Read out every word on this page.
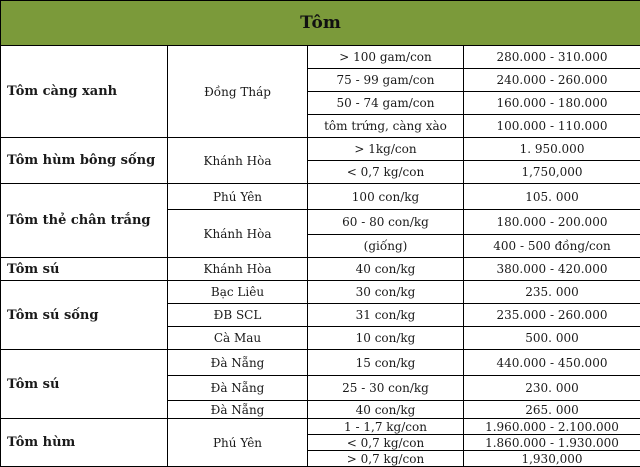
Tôm			
Tôm càng xanh	Đồng Tháp	> 100 gam/con	280.000 - 310.000
		75 - 99 gam/con	240.000 - 260.000
		50 - 74 gam/con	160.000 - 180.000
		tôm trứng, càng xào	100.000 - 110.000
Tôm hùm bông sống	Khánh Hòa	> 1kg/con	1. 950.000
		< 0,7 kg/con	1,750,000
Tôm thẻ chân trắng	Phú Yên	100 con/kg	105. 000
	Khánh Hòa	60 - 80 con/kg	180.000 - 200.000
		(giống)	400 - 500 đồng/con
Tôm sú	Khánh Hòa	40 con/kg	380.000 - 420.000
Tôm sú sống	Bạc Liêu	30 con/kg	235. 000
	ĐB SCL	31 con/kg	235.000 - 260.000
	Cà Mau	10 con/kg	500. 000
Tôm sú	Đà Nẵng	15 con/kg	440.000 - 450.000
	Đà Nẵng	25 - 30 con/kg	230. 000
	Đà Nẵng	40 con/kg	265. 000
Tôm hùm	Phú Yên	1 - 1,7 kg/con	1.960.000 - 2.100.000
		< 0,7 kg/con	1.860.000 - 1.930.000
		> 0,7 kg/con	1,930,000
